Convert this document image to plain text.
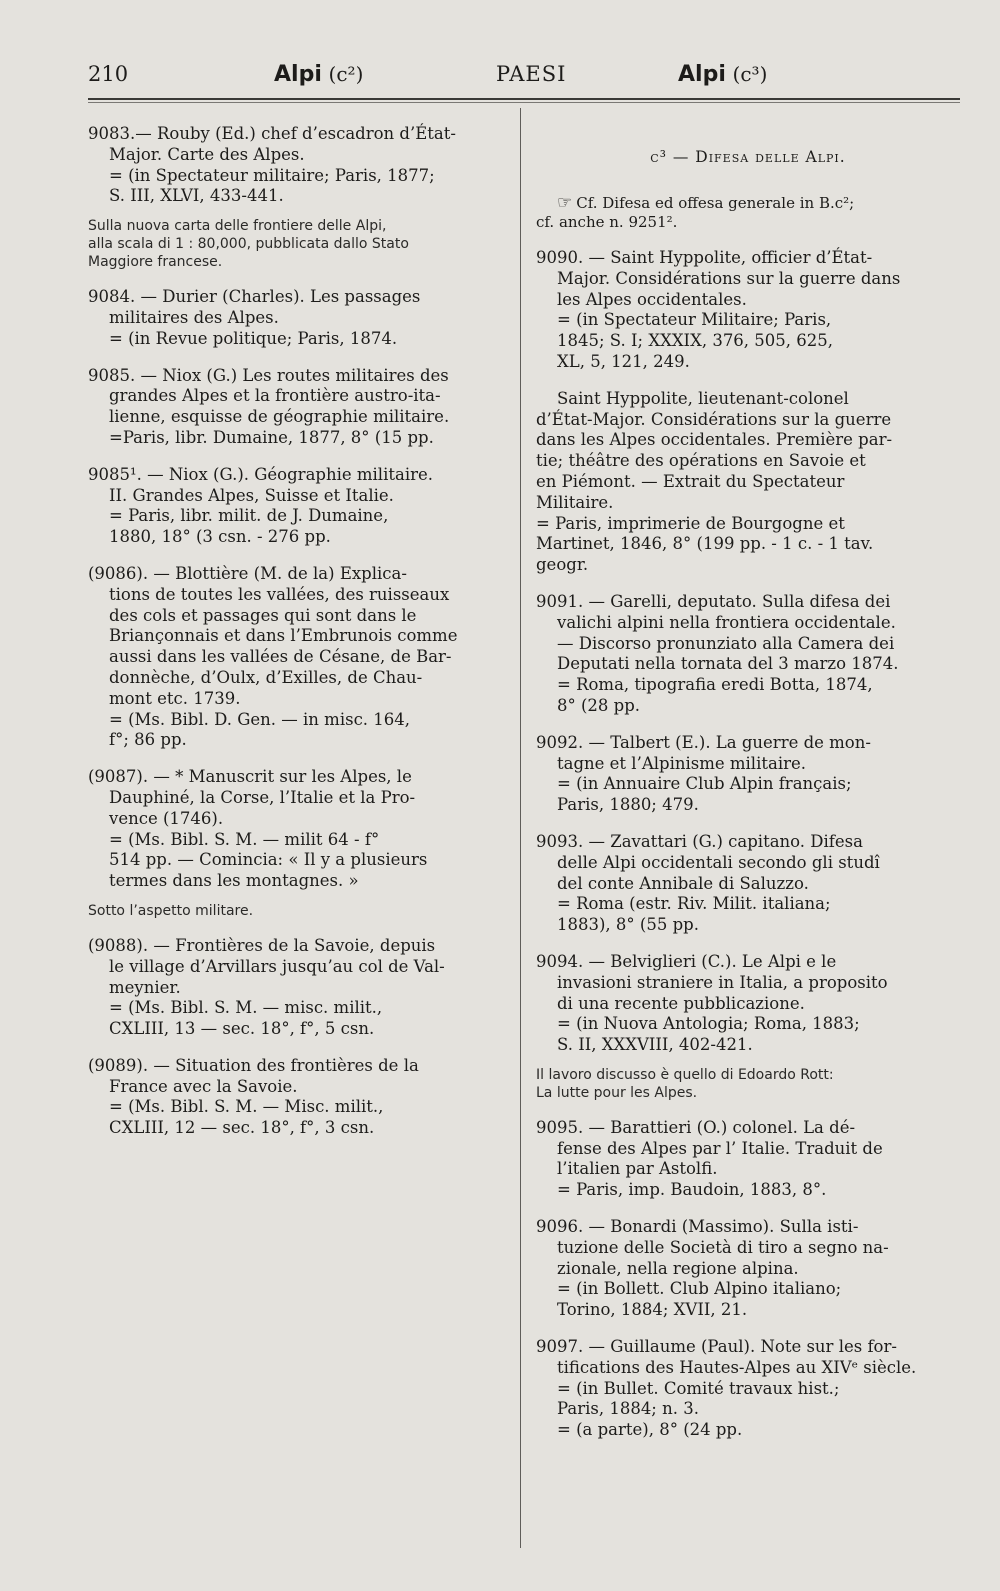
210	Alpi (c²)	PAESI	Alpi (c³)
9083.— Rouby (Ed.) chef d’escadron d’État-
Major. Carte des Alpes.
= (in Spectateur militaire; Paris, 1877;
S. III, XLVI, 433-441.
Sulla nuova carta delle frontiere delle Alpi,
alla scala di 1 : 80,000, pubblicata dallo Stato
Maggiore francese.
9084. — Durier (Charles). Les passages
militaires des Alpes.
= (in Revue politique; Paris, 1874.
9085. — Niox (G.) Les routes militaires des
grandes Alpes et la frontière austro-ita-
lienne, esquisse de géographie militaire.
=Paris, libr. Dumaine, 1877, 8° (15 pp.
9085¹. — Niox (G.). Géographie militaire.
II. Grandes Alpes, Suisse et Italie.
= Paris, libr. milit. de J. Dumaine,
1880, 18° (3 csn. - 276 pp.
(9086). — Blottière (M. de la) Explica-
tions de toutes les vallées, des ruisseaux
des cols et passages qui sont dans le
Briançonnais et dans l’Embrunois comme
aussi dans les vallées de Césane, de Bar-
donnèche, d’Oulx, d’Exilles, de Chau-
mont etc. 1739.
= (Ms. Bibl. D. Gen. — in misc. 164,
f°; 86 pp.
(9087). — * Manuscrit sur les Alpes, le
Dauphiné, la Corse, l’Italie et la Pro-
vence (1746).
= (Ms. Bibl. S. M. — milit 64 - f°
514 pp. — Comincia: « Il y a plusieurs
termes dans les montagnes. »
Sotto l’aspetto militare.
(9088). — Frontières de la Savoie, depuis
le village d’Arvillars jusqu’au col de Val-
meynier.
= (Ms. Bibl. S. M. — misc. milit.,
CXLIII, 13 — sec. 18°, f°, 5 csn.
(9089). — Situation des frontières de la
France avec la Savoie.
= (Ms. Bibl. S. M. — Misc. milit.,
CXLIII, 12 — sec. 18°, f°, 3 csn.
c³ — Difesa delle Alpi.
☞ Cf. Difesa ed offesa generale in B.c²;
cf. anche n. 9251².
9090. — Saint Hyppolite, officier d’État-
Major. Considérations sur la guerre dans
les Alpes occidentales.
= (in Spectateur Militaire; Paris,
1845; S. I; XXXIX, 376, 505, 625,
XL, 5, 121, 249.
Saint Hyppolite, lieutenant-colonel
d’État-Major. Considérations sur la guerre
dans les Alpes occidentales. Première par-
tie; théâtre des opérations en Savoie et
en Piémont. — Extrait du Spectateur
Militaire.
= Paris, imprimerie de Bourgogne et
Martinet, 1846, 8° (199 pp. - 1 c. - 1 tav.
geogr.
9091. — Garelli, deputato. Sulla difesa dei
valichi alpini nella frontiera occidentale.
— Discorso pronunziato alla Camera dei
Deputati nella tornata del 3 marzo 1874.
= Roma, tipografia eredi Botta, 1874,
8° (28 pp.
9092. — Talbert (E.). La guerre de mon-
tagne et l’Alpinisme militaire.
= (in Annuaire Club Alpin français;
Paris, 1880; 479.
9093. — Zavattari (G.) capitano. Difesa
delle Alpi occidentali secondo gli studî
del conte Annibale di Saluzzo.
= Roma (estr. Riv. Milit. italiana;
1883), 8° (55 pp.
9094. — Belviglieri (C.). Le Alpi e le
invasioni straniere in Italia, a proposito
di una recente pubblicazione.
= (in Nuova Antologia; Roma, 1883;
S. II, XXXVIII, 402-421.
Il lavoro discusso è quello di Edoardo Rott:
La lutte pour les Alpes.
9095. — Barattieri (O.) colonel. La dé-
fense des Alpes par l’ Italie. Traduit de
l’italien par Astolfi.
= Paris, imp. Baudoin, 1883, 8°.
9096. — Bonardi (Massimo). Sulla isti-
tuzione delle Società di tiro a segno na-
zionale, nella regione alpina.
= (in Bollett. Club Alpino italiano;
Torino, 1884; XVII, 21.
9097. — Guillaume (Paul). Note sur les for-
tifications des Hautes-Alpes au XIVᵉ siècle.
= (in Bullet. Comité travaux hist.;
Paris, 1884; n. 3.
= (a parte), 8° (24 pp.
